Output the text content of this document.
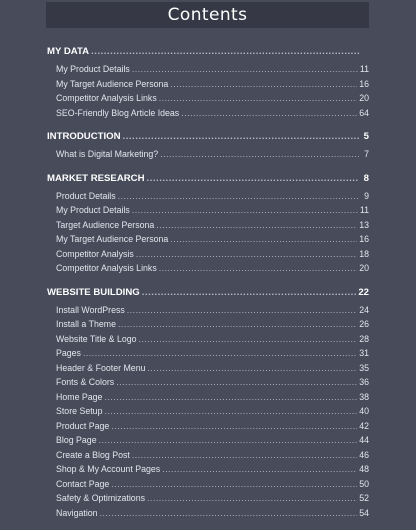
Contents
MY DATA
.....
My Product Details .....	11
My Target Audience Persona .....	16
Competitor Analysis Links .....	20
SEO-Friendly Blog Article Ideas .....	64
INTRODUCTION .....	5
What is Digital Marketing? .....	7
MARKET RESEARCH .....	8
Product Details .....	9
My Product Details .....	11
Target Audience Persona .....	13
My Target Audience Persona .....	16
Competitor Analysis .....	18
Competitor Analysis Links .....	20
WEBSITE BUILDING .....	22
Install WordPress .....	24
Install a Theme .....	26
Website Title & Logo .....	28
Pages .....	31
Header & Footer Menu .....	35
Fonts & Colors .....	36
Home Page .....	38
Store Setup .....	40
Product Page .....	42
Blog Page .....	44
Create a Blog Post .....	46
Shop & My Account Pages .....	48
Contact Page .....	50
Safety & Optimizations .....	52
Navigation .....	54
